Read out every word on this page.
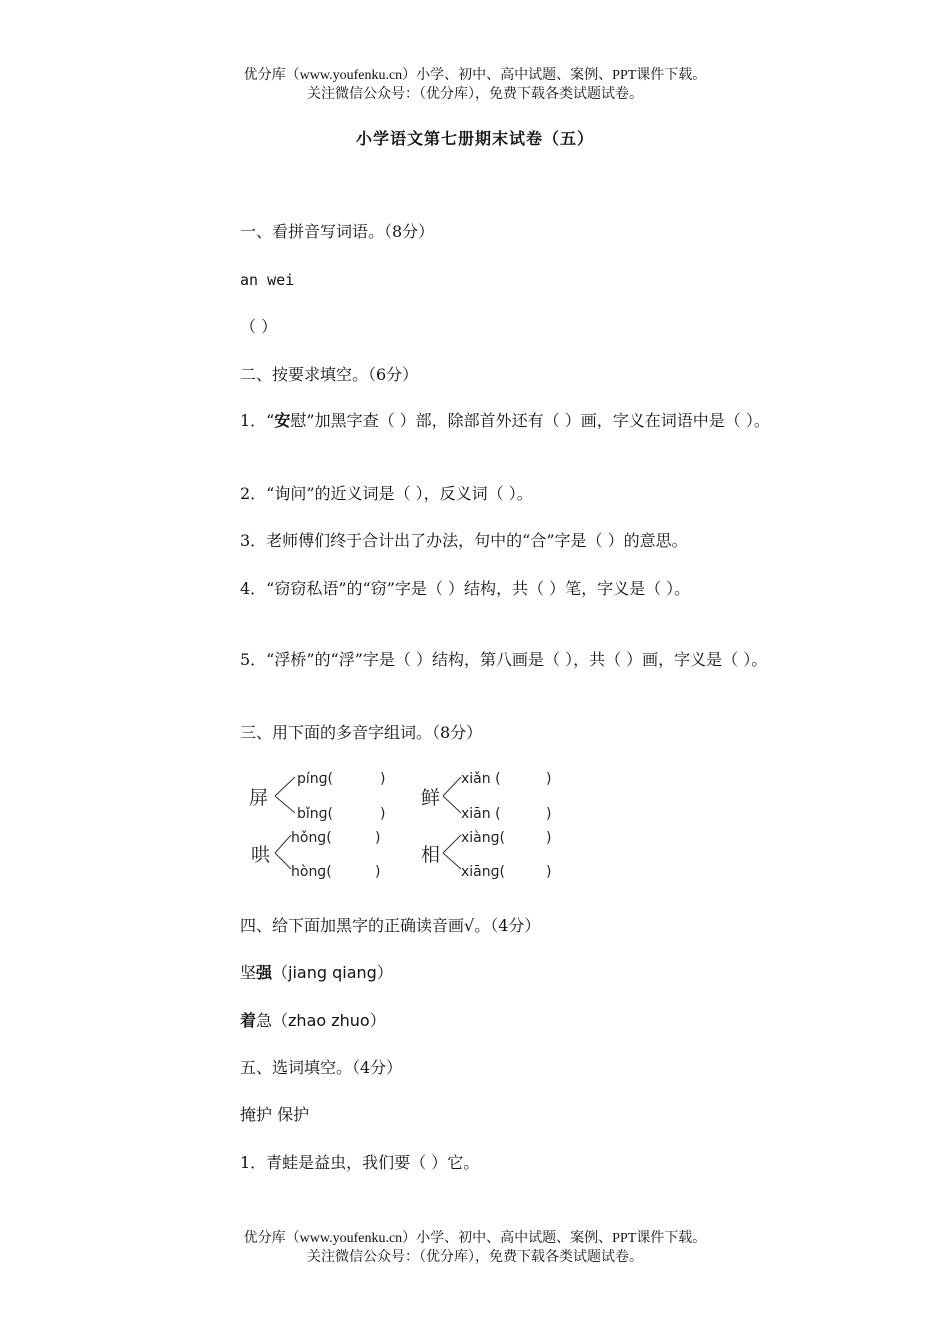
优分库（www.youfenku.cn）小学、初中、高中试题、案例、PPT课件下载。
关注微信公众号：（优分库），免费下载各类试题试卷。
小学语文第七册期末试卷（五）
一、看拼音写词语。（8分）
an wei
（ ）
二、按要求填空。（6分）
1．“安慰”加黑字查（ ）部，除部首外还有（ ）画，字义在词语中是（ ）。
2．“询问”的近义词是（ ），反义词（ ）。
3．老师傅们终于合计出了办法，句中的“合”字是（ ）的意思。
4．“窃窃私语”的“窃”字是（ ）结构，共（ ）笔，字义是（ ）。
5．“浮桥”的“浮”字是（ ）结构，第八画是（ ），共（ ）画，字义是（ ）。
三、用下面的多音字组词。（8分）
屏
pínɡ(
bǐnɡ(
)
)
鲜
xiǎn (
xiān (
)
)
哄
hǒnɡ(
hònɡ(
)
)
相
xiànɡ(
xiānɡ(
)
)
四、给下面加黑字的正确读音画√。（4分）
坚强（jiang qiang）
着急（zhao zhuo）
五、选词填空。（4分）
掩护 保护
1．青蛙是益虫，我们要（ ）它。
优分库（www.youfenku.cn）小学、初中、高中试题、案例、PPT课件下载。
关注微信公众号：（优分库），免费下载各类试题试卷。
